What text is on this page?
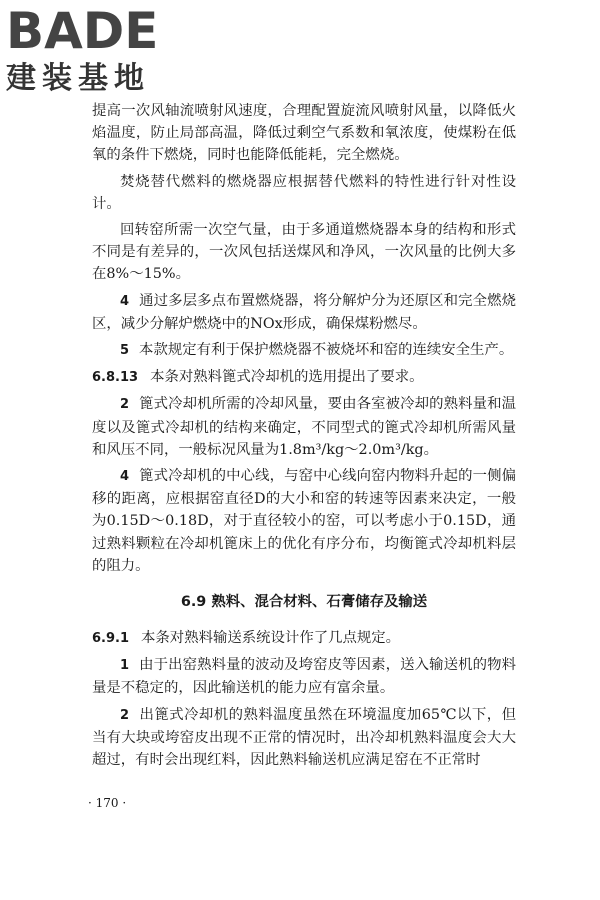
BADE
建装基地

提高一次风轴流喷射风速度，合理配置旋流风喷射风量，以降低火焰温度，防止局部高温，降低过剩空气系数和氧浓度，使煤粉在低氧的条件下燃烧，同时也能降低能耗，完全燃烧。

焚烧替代燃料的燃烧器应根据替代燃料的特性进行针对性设计。

回转窑所需一次空气量，由于多通道燃烧器本身的结构和形式不同是有差异的，一次风包括送煤风和净风，一次风量的比例大多在8%～15%。

4 通过多层多点布置燃烧器，将分解炉分为还原区和完全燃烧区，减少分解炉燃烧中的NOx形成，确保煤粉燃尽。

5 本款规定有利于保护燃烧器不被烧坏和窑的连续安全生产。

6.8.13 本条对熟料篦式冷却机的选用提出了要求。

2 篦式冷却机所需的冷却风量，要由各室被冷却的熟料量和温度以及篦式冷却机的结构来确定，不同型式的篦式冷却机所需风量和风压不同，一般标况风量为1.8m³/kg～2.0m³/kg。

4 篦式冷却机的中心线，与窑中心线向窑内物料升起的一侧偏移的距离，应根据窑直径D的大小和窑的转速等因素来决定，一般为0.15D～0.18D，对于直径较小的窑，可以考虑小于0.15D，通过熟料颗粒在冷却机篦床上的优化有序分布，均衡篦式冷却机料层的阻力。

6.9 熟料、混合材料、石膏储存及输送

6.9.1 本条对熟料输送系统设计作了几点规定。

1 由于出窑熟料量的波动及垮窑皮等因素，送入输送机的物料量是不稳定的，因此输送机的能力应有富余量。

2 出篦式冷却机的熟料温度虽然在环境温度加65℃以下，但当有大块或垮窑皮出现不正常的情况时，出冷却机熟料温度会大大超过，有时会出现红料，因此熟料输送机应满足窑在不正常时

· 170 ·
